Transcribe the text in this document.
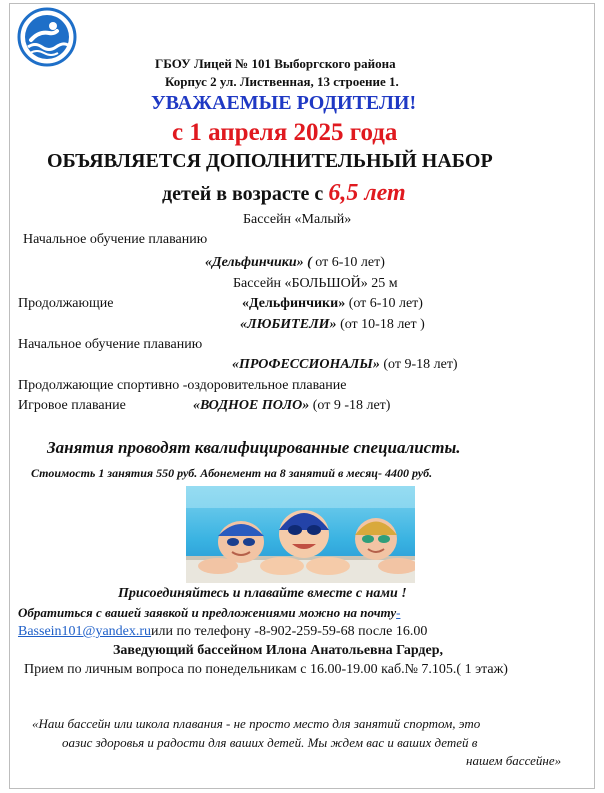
ГБОУ Лицей № 101 Выборгского района
Корпус 2 ул. Лиственная, 13 строение 1.
УВАЖАЕМЫЕ РОДИТЕЛИ!
с 1 апреля 2025 года
ОБЪЯВЛЯЕТСЯ ДОПОЛНИТЕЛЬНЫЙ НАБОР
детей в возрасте с 6,5 лет
Бассейн «Малый»
Начальное обучение плаванию
«Дельфинчики» ( от 6-10 лет)
Бассейн «БОЛЬШОЙ» 25 м
Продолжающие	«Дельфинчики» (от 6-10 лет)
«ЛЮБИТЕЛИ» (от 10-18 лет )
Начальное обучение плаванию
«ПРОФЕССИОНАЛЫ» (от 9-18 лет)
Продолжающие спортивно -оздоровительное плавание
Игровое плавание	«ВОДНОЕ ПОЛО» (от 9 -18 лет)
Занятия проводят квалифицированные специалисты.
Стоимость 1 занятия 550 руб. Абонемент на 8 занятий в месяц- 4400 руб.
Присоединяйтесь и плавайте вместе с нами !
Обратиться с вашей заявкой и предложениями можно на почту-
Bassein101@yandex.ruили по телефону -8-902-259-59-68 после 16.00
Заведующий бассейном Илона Анатольевна Гардер,
Прием по личным вопроса по понедельникам с 16.00-19.00 каб.№ 7.105.( 1 этаж)
«Наш бассейн или школа плавания - не просто место для занятий спортом, это
оазис здоровья и радости для ваших детей. Мы ждем вас и ваших детей в
нашем бассейне»
